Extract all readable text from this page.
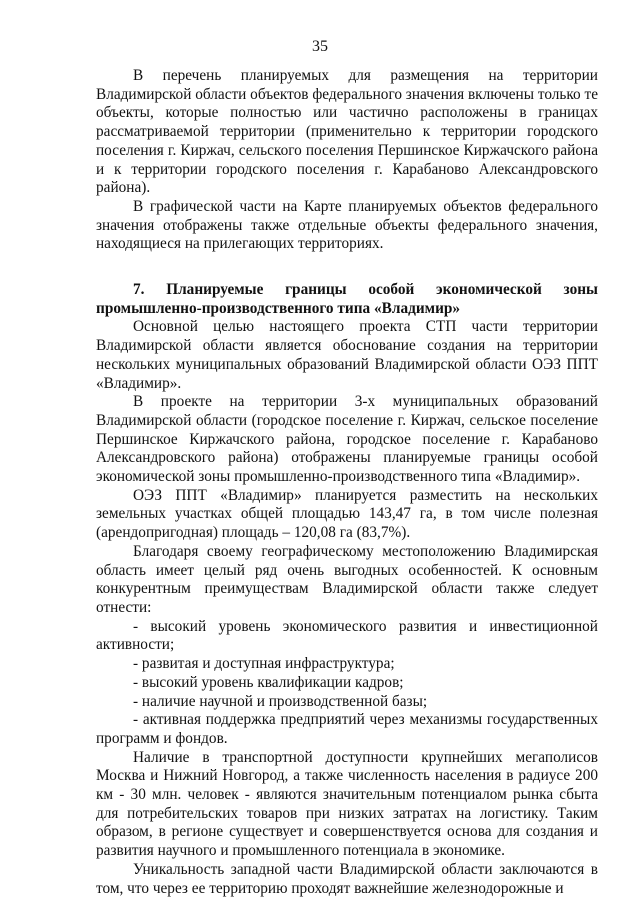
35

В перечень планируемых для размещения на территории Владимирской области объектов федерального значения включены только те объекты, которые полностью или частично расположены в границах рассматриваемой территории (применительно к территории городского поселения г. Киржач, сельского поселения Першинское Киржачского района и к территории городского поселения г. Карабаново Александровского района).

В графической части на Карте планируемых объектов федерального значения отображены также отдельные объекты федерального значения, находящиеся на прилегающих территориях.

7. Планируемые границы особой экономической зоны промышленно-производственного типа «Владимир»

Основной целью настоящего проекта СТП части территории Владимирской области является обоснование создания на территории нескольких муниципальных образований Владимирской области ОЭЗ ППТ «Владимир».

В проекте на территории 3-х муниципальных образований Владимирской области (городское поселение г. Киржач, сельское поселение Першинское Киржачского района, городское поселение г. Карабаново Александровского района) отображены планируемые границы особой экономической зоны промышленно-производственного типа «Владимир».

ОЭЗ ППТ «Владимир» планируется разместить на нескольких земельных участках общей площадью 143,47 га, в том числе полезная (арендопригодная) площадь – 120,08 га (83,7%).

Благодаря своему географическому местоположению Владимирская область имеет целый ряд очень выгодных особенностей. К основным конкурентным преимуществам Владимирской области также следует отнести:

- высокий уровень экономического развития и инвестиционной активности;

- развитая и доступная инфраструктура;

- высокий уровень квалификации кадров;

- наличие научной и производственной базы;

- активная поддержка предприятий через механизмы государственных программ и фондов.

Наличие в транспортной доступности крупнейших мегаполисов Москва и Нижний Новгород, а также численность населения в радиусе 200 км - 30 млн. человек - являются значительным потенциалом рынка сбыта для потребительских товаров при низких затратах на логистику. Таким образом, в регионе существует и совершенствуется основа для создания и развития научного и промышленного потенциала в экономике.

Уникальность западной части Владимирской области заключаются в том, что через ее территорию проходят важнейшие железнодорожные и
